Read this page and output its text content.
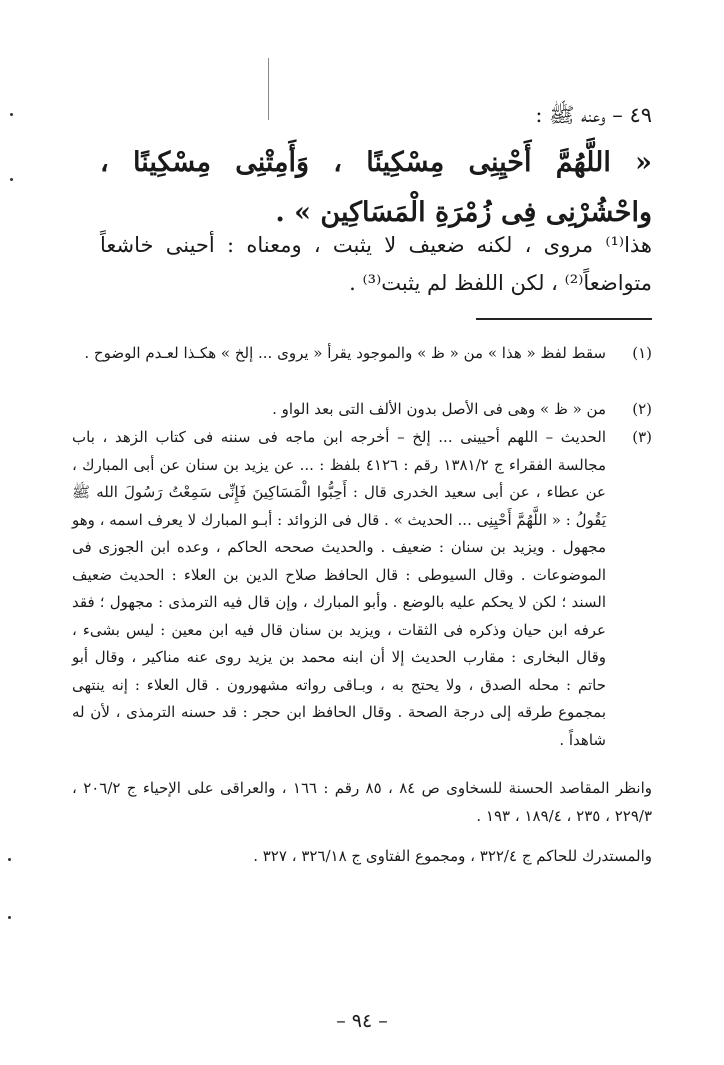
٤٩ – وعنه ﷺ :
« اللَّهُمَّ أَحْيِنِى مِسْكِينًا ، وَأَمِتْنِى مِسْكِينًا ، واحْشُرْنِى فِى زُمْرَةِ الْمَسَاكِين » .
هذا⁽¹⁾ مروى ، لكنه ضعيف لا يثبت ، ومعناه : أحينى خاشعاً متواضعاً⁽²⁾ ، لكن اللفظ لم يثبت⁽³⁾ .
(١)
سقط لفظ « هذا » من « ظ » والموجود يقرأ « يروى ... إلخ » هكـذا لعـدم الوضوح .
(٢)
من « ظ » وهى فى الأصل بدون الألف التى بعد الواو .
(٣)
الحديث – اللهم أحيينى ... إلخ – أخرجه ابن ماجه فى سننه فى كتاب الزهد ، باب مجالسة الفقراء ج ١٣٨١/٢ رقم : ٤١٢٦ بلفظ : ... عن يزيد بن سنان عن أبى المبارك ، عن عطاء ، عن أبى سعيد الخدرى قال : أَحِبُّوا الْمَسَاكِينَ فَإِنِّى سَمِعْتُ رَسُولَ الله ﷺ يَقُولُ : « اللَّهُمَّ أَحْيِنِى ... الحديث » . قال فى الزوائد : أبـو المبارك لا يعرف اسمه ، وهو مجهول . ويزيد بن سنان : ضعيف . والحديث صححه الحاكم ، وعده ابن الجوزى فى الموضوعات . وقال السيوطى : قال الحافظ صلاح الدين بن العلاء : الحديث ضعيف السند ؛ لكن لا يحكم عليه بالوضع . وأبو المبارك ، وإن قال فيه الترمذى : مجهول ؛ فقد عرفه ابن حيان وذكره فى الثقات ، ويزيد بن سنان قال فيه ابن معين : ليس بشىء ، وقال البخارى : مقارب الحديث إلا أن ابنه محمد بن يزيد روى عنه مناكير ، وقال أبو حاتم : محله الصدق ، ولا يحتج به ، وبـاقى رواته مشهورون . قال العلاء : إنه ينتهى بمجموع طرقه إلى درجة الصحة . وقال الحافظ ابن حجر : قد حسنه الترمذى ، لأن له شاهداً .
وانظر المقاصد الحسنة للسخاوى ص ٨٤ ، ٨٥ رقم : ١٦٦ ، والعراقى على الإحياء ج ٢٠٦/٢ ، ٢٢٩/٣ ، ٢٣٥ ، ١٨٩/٤ ، ١٩٣ .
والمستدرك للحاكم ج ٣٢٢/٤ ، ومجموع الفتاوى ج ٣٢٦/١٨ ، ٣٢٧ .
– ٩٤ –
